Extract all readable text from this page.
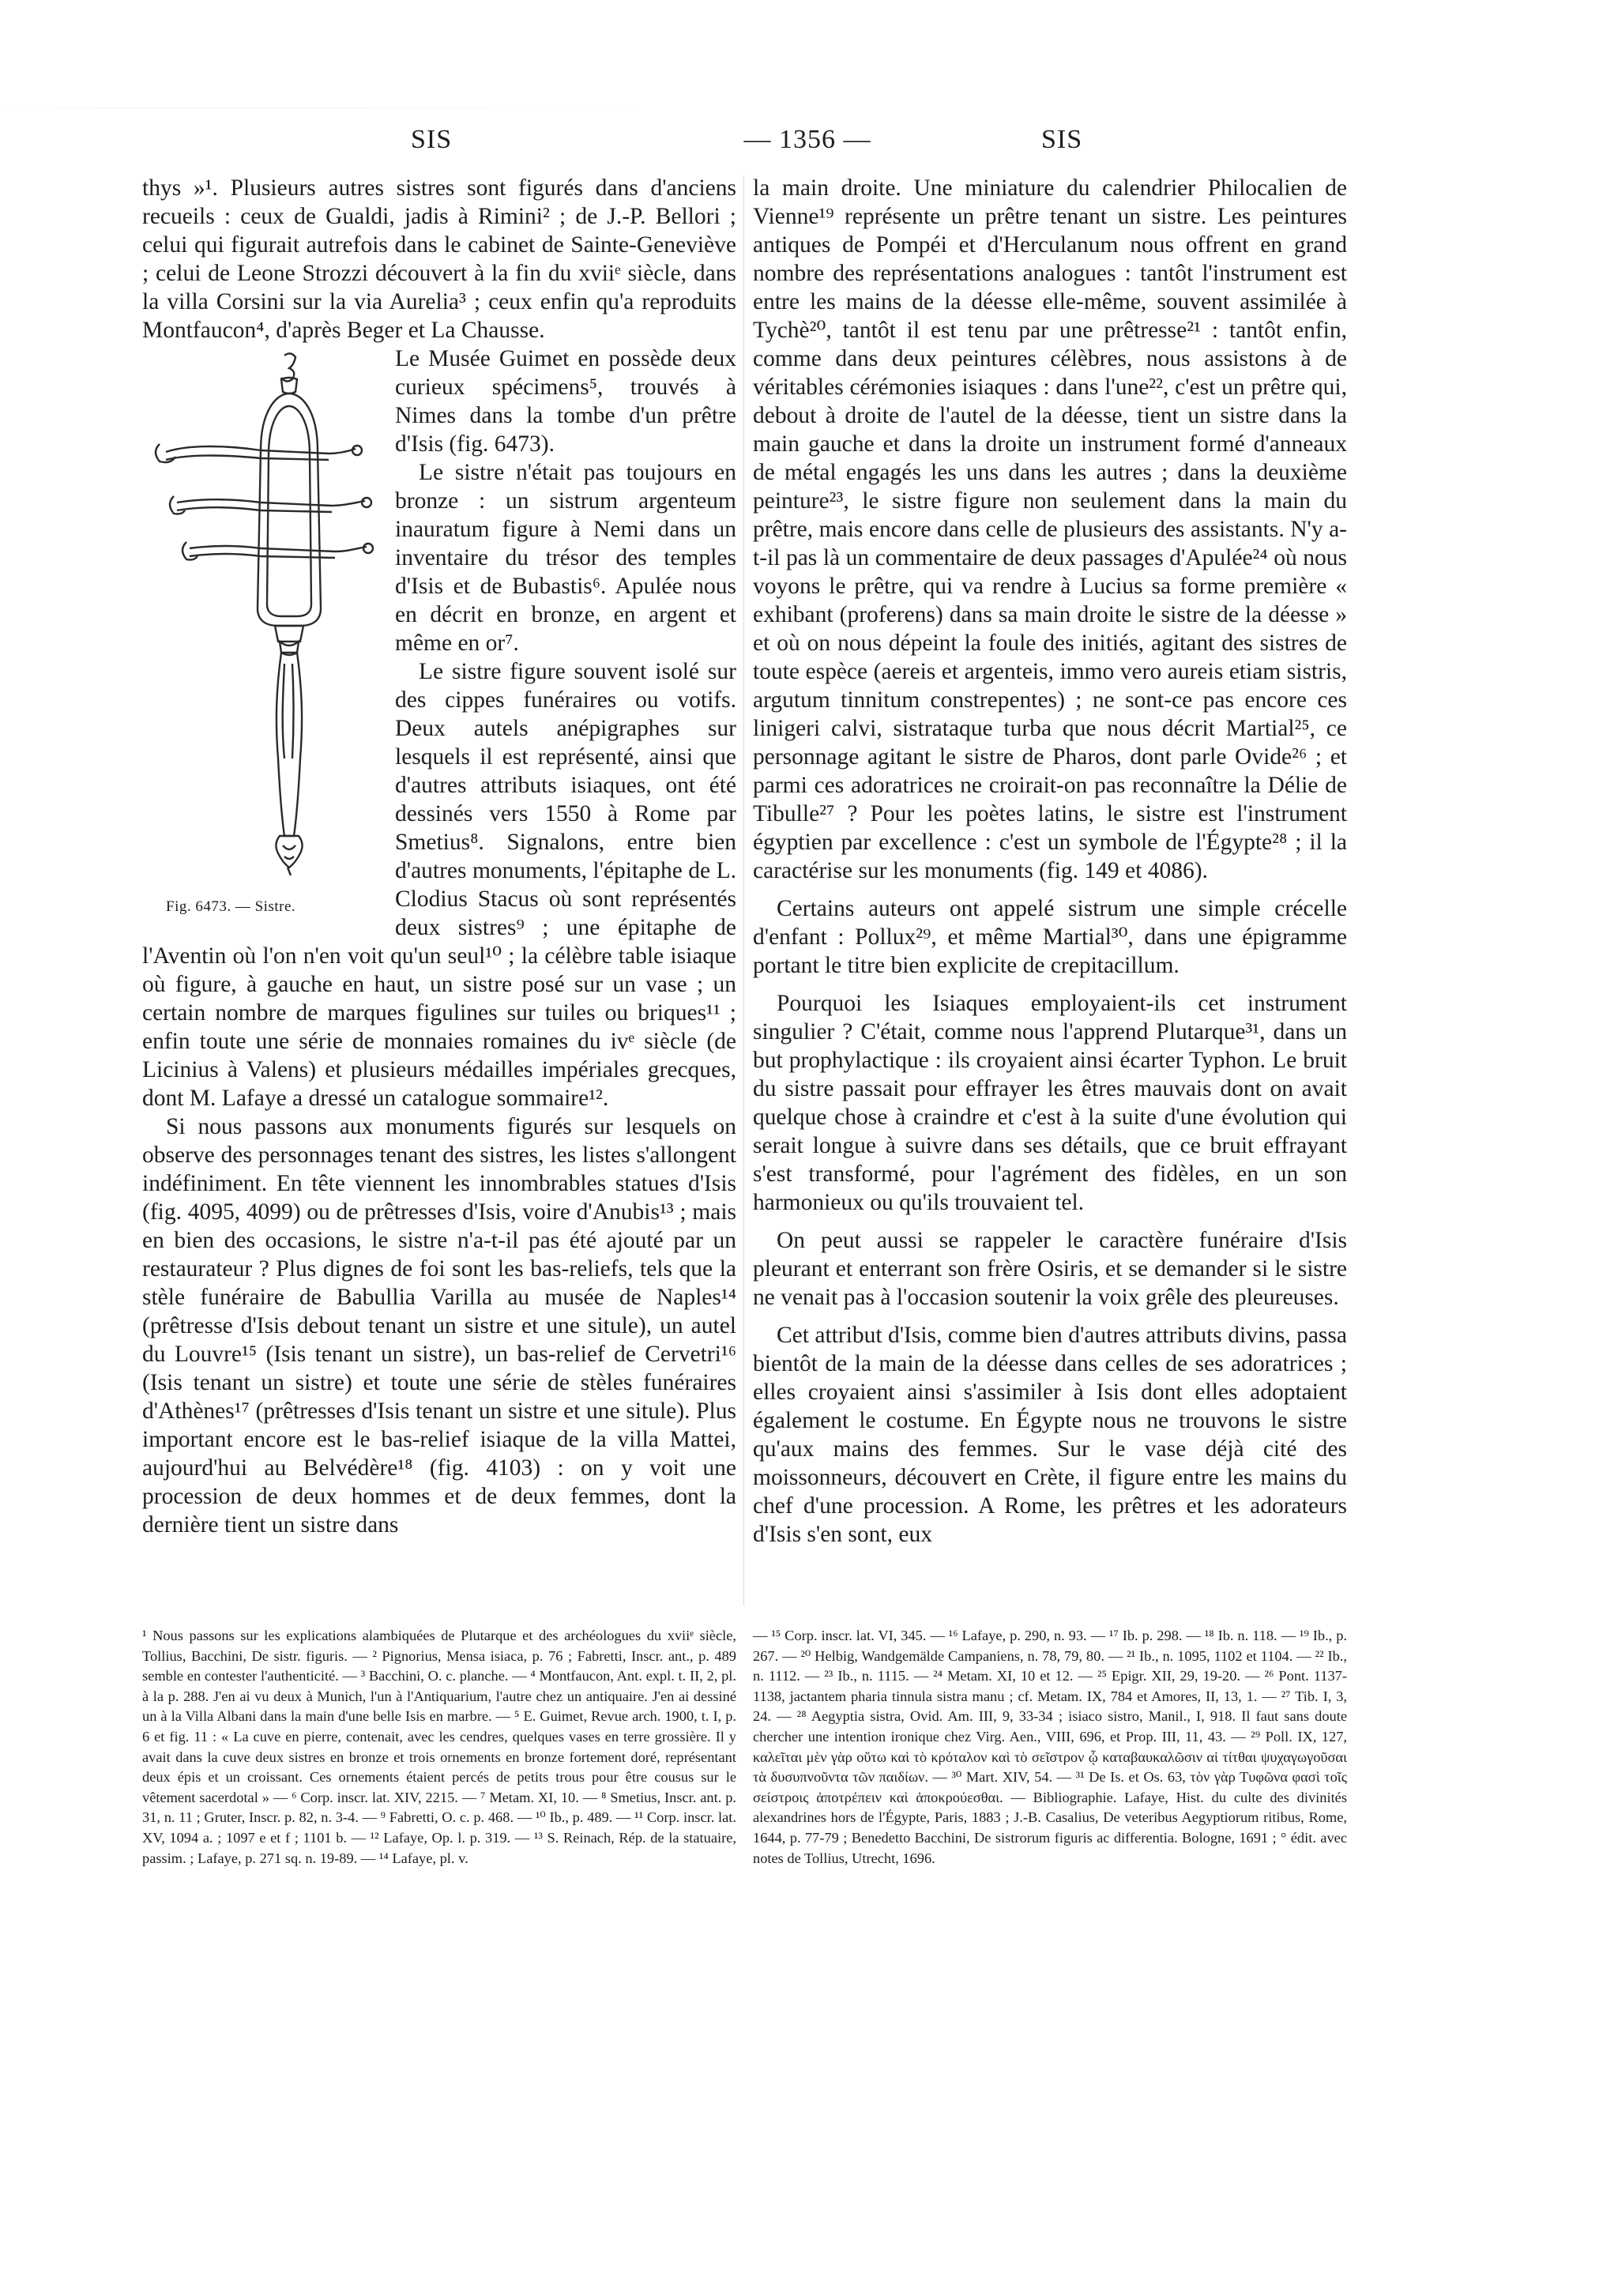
SIS	— 1356 —	SIS

thys »¹. Plusieurs autres sistres sont figurés dans d'anciens recueils : ceux de Gualdi, jadis à Rimini² ; de J.-P. Bellori ; celui qui figurait autrefois dans le cabinet de Sainte-Geneviève ; celui de Leone Strozzi découvert à la fin du xviiᵉ siècle, dans la villa Corsini sur la via Aurelia³ ; ceux enfin qu'a reproduits Montfaucon⁴, d'après Beger et La Chausse.

Fig. 6473. — Sistre.

Le Musée Guimet en possède deux curieux spécimens⁵, trouvés à Nimes dans la tombe d'un prêtre d'Isis (fig. 6473).

Le sistre n'était pas toujours en bronze : un sistrum argenteum inauratum figure à Nemi dans un inventaire du trésor des temples d'Isis et de Bubastis⁶. Apulée nous en décrit en bronze, en argent et même en or⁷.

Le sistre figure souvent isolé sur des cippes funéraires ou votifs. Deux autels anépigraphes sur lesquels il est représenté, ainsi que d'autres attributs isiaques, ont été dessinés vers 1550 à Rome par Smetius⁸. Signalons, entre bien d'autres monuments, l'épitaphe de L. Clodius Stacus où sont représentés deux sistres⁹ ; une épitaphe de l'Aventin où l'on n'en voit qu'un seul¹⁰ ; la célèbre table isiaque où figure, à gauche en haut, un sistre posé sur un vase ; un certain nombre de marques figulines sur tuiles ou briques¹¹ ; enfin toute une série de monnaies romaines du ivᵉ siècle (de Licinius à Valens) et plusieurs médailles impériales grecques, dont M. Lafaye a dressé un catalogue sommaire¹².

Si nous passons aux monuments figurés sur lesquels on observe des personnages tenant des sistres, les listes s'allongent indéfiniment. En tête viennent les innombrables statues d'Isis (fig. 4095, 4099) ou de prêtresses d'Isis, voire d'Anubis¹³ ; mais en bien des occasions, le sistre n'a-t-il pas été ajouté par un restaurateur ? Plus dignes de foi sont les bas-reliefs, tels que la stèle funéraire de Babullia Varilla au musée de Naples¹⁴ (prêtresse d'Isis debout tenant un sistre et une situle), un autel du Louvre¹⁵ (Isis tenant un sistre), un bas-relief de Cervetri¹⁶ (Isis tenant un sistre) et toute une série de stèles funéraires d'Athènes¹⁷ (prêtresses d'Isis tenant un sistre et une situle). Plus important encore est le bas-relief isiaque de la villa Mattei, aujourd'hui au Belvédère¹⁸ (fig. 4103) : on y voit une procession de deux hommes et de deux femmes, dont la dernière tient un sistre dans

la main droite. Une miniature du calendrier Philocalien de Vienne¹⁹ représente un prêtre tenant un sistre. Les peintures antiques de Pompéi et d'Herculanum nous offrent en grand nombre des représentations analogues : tantôt l'instrument est entre les mains de la déesse elle-même, souvent assimilée à Tychè²⁰, tantôt il est tenu par une prêtresse²¹ : tantôt enfin, comme dans deux peintures célèbres, nous assistons à de véritables cérémonies isiaques : dans l'une²², c'est un prêtre qui, debout à droite de l'autel de la déesse, tient un sistre dans la main gauche et dans la droite un instrument formé d'anneaux de métal engagés les uns dans les autres ; dans la deuxième peinture²³, le sistre figure non seulement dans la main du prêtre, mais encore dans celle de plusieurs des assistants. N'y a-t-il pas là un commentaire de deux passages d'Apulée²⁴ où nous voyons le prêtre, qui va rendre à Lucius sa forme première « exhibant (proferens) dans sa main droite le sistre de la déesse » et où on nous dépeint la foule des initiés, agitant des sistres de toute espèce (aereis et argenteis, immo vero aureis etiam sistris, argutum tinnitum constrepentes) ; ne sont-ce pas encore ces linigeri calvi, sistrataque turba que nous décrit Martial²⁵, ce personnage agitant le sistre de Pharos, dont parle Ovide²⁶ ; et parmi ces adoratrices ne croirait-on pas reconnaître la Délie de Tibulle²⁷ ? Pour les poètes latins, le sistre est l'instrument égyptien par excellence : c'est un symbole de l'Égypte²⁸ ; il la caractérise sur les monuments (fig. 149 et 4086).

Certains auteurs ont appelé sistrum une simple crécelle d'enfant : Pollux²⁹, et même Martial³⁰, dans une épigramme portant le titre bien explicite de crepitacillum.

Pourquoi les Isiaques employaient-ils cet instrument singulier ? C'était, comme nous l'apprend Plutarque³¹, dans un but prophylactique : ils croyaient ainsi écarter Typhon. Le bruit du sistre passait pour effrayer les êtres mauvais dont on avait quelque chose à craindre et c'est à la suite d'une évolution qui serait longue à suivre dans ses détails, que ce bruit effrayant s'est transformé, pour l'agrément des fidèles, en un son harmonieux ou qu'ils trouvaient tel.

On peut aussi se rappeler le caractère funéraire d'Isis pleurant et enterrant son frère Osiris, et se demander si le sistre ne venait pas à l'occasion soutenir la voix grêle des pleureuses.

Cet attribut d'Isis, comme bien d'autres attributs divins, passa bientôt de la main de la déesse dans celles de ses adoratrices ; elles croyaient ainsi s'assimiler à Isis dont elles adoptaient également le costume. En Égypte nous ne trouvons le sistre qu'aux mains des femmes. Sur le vase déjà cité des moissonneurs, découvert en Crète, il figure entre les mains du chef d'une procession. A Rome, les prêtres et les adorateurs d'Isis s'en sont, eux

¹ Nous passons sur les explications alambiquées de Plutarque et des archéologues du xviiᵉ siècle, Tollius, Bacchini, De sistr. figuris. — ² Pignorius, Mensa isiaca, p. 76 ; Fabretti, Inscr. ant., p. 489 semble en contester l'authenticité. — ³ Bacchini, O. c. planche. — ⁴ Montfaucon, Ant. expl. t. II, 2, pl. à la p. 288. J'en ai vu deux à Munich, l'un à l'Antiquarium, l'autre chez un antiquaire. J'en ai dessiné un à la Villa Albani dans la main d'une belle Isis en marbre. — ⁵ E. Guimet, Revue arch. 1900, t. I, p. 6 et fig. 11 : « La cuve en pierre, contenait, avec les cendres, quelques vases en terre grossière. Il y avait dans la cuve deux sistres en bronze et trois ornements en bronze fortement doré, représentant deux épis et un croissant. Ces ornements étaient percés de petits trous pour être cousus sur le vêtement sacerdotal » — ⁶ Corp. inscr. lat. XIV, 2215. — ⁷ Metam. XI, 10. — ⁸ Smetius, Inscr. ant. p. 31, n. 11 ; Gruter, Inscr. p. 82, n. 3-4. — ⁹ Fabretti, O. c. p. 468. — ¹⁰ Ib., p. 489. — ¹¹ Corp. inscr. lat. XV, 1094 a. ; 1097 e et f ; 1101 b. — ¹² Lafaye, Op. l. p. 319. — ¹³ S. Reinach, Rép. de la statuaire, passim. ; Lafaye, p. 271 sq. n. 19-89. — ¹⁴ Lafaye, pl. v.
— ¹⁵ Corp. inscr. lat. VI, 345. — ¹⁶ Lafaye, p. 290, n. 93. — ¹⁷ Ib. p. 298. — ¹⁸ Ib. n. 118. — ¹⁹ Ib., p. 267. — ²⁰ Helbig, Wandgemälde Campaniens, n. 78, 79, 80. — ²¹ Ib., n. 1095, 1102 et 1104. — ²² Ib., n. 1112. — ²³ Ib., n. 1115. — ²⁴ Metam. XI, 10 et 12. — ²⁵ Epigr. XII, 29, 19-20. — ²⁶ Pont. 1137-1138, jactantem pharia tinnula sistra manu ; cf. Metam. IX, 784 et Amores, II, 13, 1. — ²⁷ Tib. I, 3, 24. — ²⁸ Aegyptia sistra, Ovid. Am. III, 9, 33-34 ; isiaco sistro, Manil., I, 918. Il faut sans doute chercher une intention ironique chez Virg. Aen., VIII, 696, et Prop. III, 11, 43. — ²⁹ Poll. IX, 127, καλεῖται μὲν γὰρ οὕτω καὶ τὸ κρόταλον καὶ τὸ σεῖστρον ᾧ καταβαυκαλῶσιν αἱ τίτθαι ψυχαγωγοῦσαι τὰ δυσυπνοῦντα τῶν παιδίων. — ³⁰ Mart. XIV, 54. — ³¹ De Is. et Os. 63, τὸν γὰρ Τυφῶνα φασὶ τοῖς σείστροις ἀποτρέπειν καὶ ἀποκρούεσθαι. — Bibliographie. Lafaye, Hist. du culte des divinités alexandrines hors de l'Égypte, Paris, 1883 ; J.-B. Casalius, De veteribus Aegyptiorum ritibus, Rome, 1644, p. 77-79 ; Benedetto Bacchini, De sistrorum figuris ac differentia. Bologne, 1691 ; ° édit. avec notes de Tollius, Utrecht, 1696.
